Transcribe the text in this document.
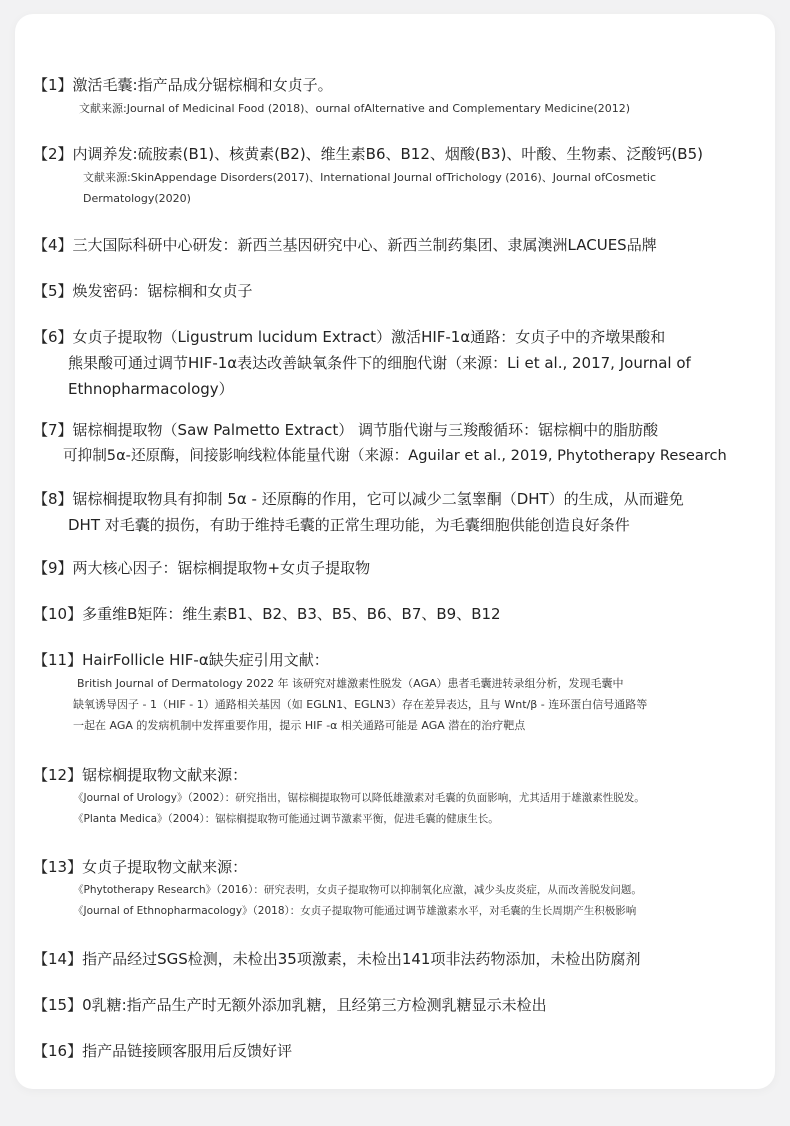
【1】激活毛囊:指产品成分锯棕榈和女贞子。

文献来源:Journal of Medicinal Food (2018)、ournal ofAlternative and Complementary Medicine(2012)

【2】内调养发:硫胺素(B1)、核黄素(B2)、维生素B6、B12、烟酸(B3)、叶酸、生物素、泛酸钙(B5)

文献来源:SkinAppendage Disorders(2017)、International Journal ofTrichology (2016)、Journal ofCosmetic

Dermatology(2020)

【4】三大国际科研中心研发：新西兰基因研究中心、新西兰制药集团、隶属澳洲LACUES品牌

【5】焕发密码：锯棕榈和女贞子

【6】女贞子提取物（Ligustrum lucidum Extract）激活HIF-1α通路：女贞子中的齐墩果酸和

熊果酸可通过调节HIF-1α表达改善缺氧条件下的细胞代谢（来源：Li et al., 2017, Journal of

Ethnopharmacology）

【7】锯棕榈提取物（Saw Palmetto Extract） 调节脂代谢与三羧酸循环：锯棕榈中的脂肪酸

可抑制5α-还原酶，间接影响线粒体能量代谢（来源：Aguilar et al., 2019, Phytotherapy Research

【8】锯棕榈提取物具有抑制 5α - 还原酶的作用，它可以减少二氢睾酮（DHT）的生成，从而避免

DHT 对毛囊的损伤，有助于维持毛囊的正常生理功能，为毛囊细胞供能创造良好条件

【9】两大核心因子：锯棕榈提取物+女贞子提取物

【10】多重维B矩阵：维生素B1、B2、B3、B5、B6、B7、B9、B12

【11】HairFollicle HIF-α缺失症引用文献：

British Journal of Dermatology 2022 年 该研究对雄激素性脱发（AGA）患者毛囊进转录组分析，发现毛囊中

缺氧诱导因子 - 1（HIF - 1）通路相关基因（如 EGLN1、EGLN3）存在差异表达，且与 Wnt/β - 连环蛋白信号通路等

一起在 AGA 的发病机制中发挥重要作用，提示 HIF -α 相关通路可能是 AGA 潜在的治疗靶点

【12】锯棕榈提取物文献来源：

《Journal of Urology》（2002）：研究指出，锯棕榈提取物可以降低雄激素对毛囊的负面影响，尤其适用于雄激素性脱发。

《Planta Medica》（2004）：锯棕榈提取物可能通过调节激素平衡，促进毛囊的健康生长。

【13】女贞子提取物文献来源：

《Phytotherapy Research》（2016）：研究表明，女贞子提取物可以抑制氧化应激，减少头皮炎症，从而改善脱发问题。

《Journal of Ethnopharmacology》（2018）：女贞子提取物可能通过调节雄激素水平，对毛囊的生长周期产生积极影响

【14】指产品经过SGS检测，未检出35项激素，未检出141项非法药物添加，未检出防腐剂

【15】0乳糖:指产品生产时无额外添加乳糖，且经第三方检测乳糖显示未检出

【16】指产品链接顾客服用后反馈好评
